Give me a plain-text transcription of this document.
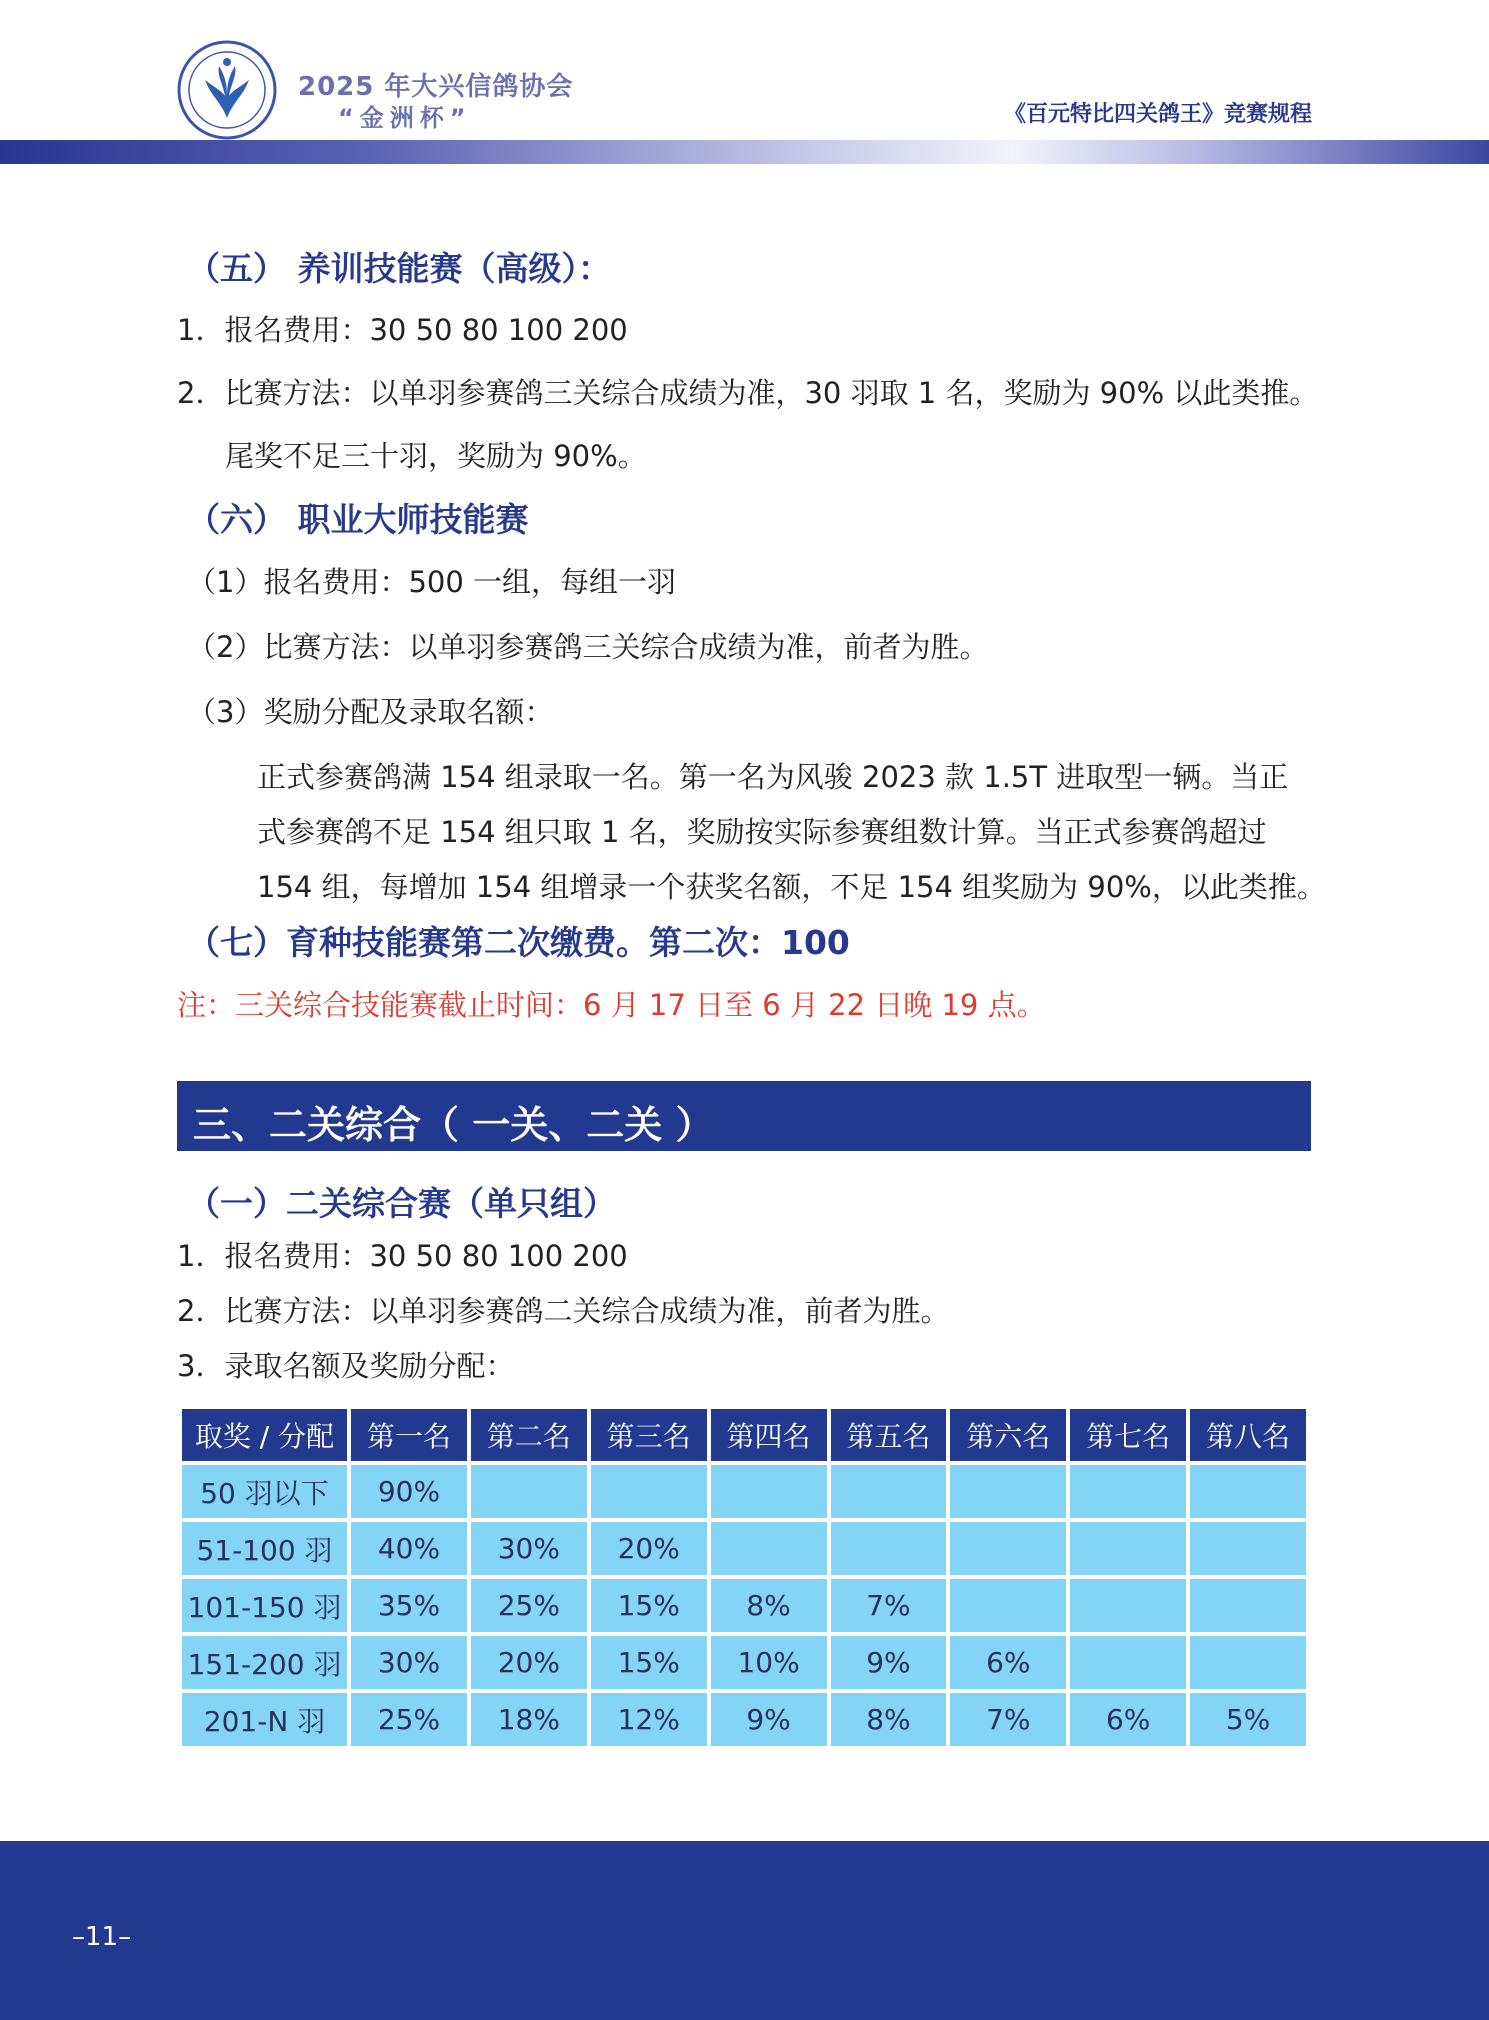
2025 年大兴信鸽协会
“金洲杯”	《百元特比四关鸽王》竞赛规程
（五） 养训技能赛（高级）：
1．报名费用：30 50 80 100 200
2．比赛方法：以单羽参赛鸽三关综合成绩为准，30 羽取 1 名，奖励为 90% 以此类推。
尾奖不足三十羽，奖励为 90%。
（六） 职业大师技能赛
（1）报名费用：500 一组，每组一羽
（2）比赛方法：以单羽参赛鸽三关综合成绩为准，前者为胜。
（3）奖励分配及录取名额：
正式参赛鸽满 154 组录取一名。第一名为风骏 2023 款 1.5T 进取型一辆。当正
式参赛鸽不足 154 组只取 1 名，奖励按实际参赛组数计算。当正式参赛鸽超过
154 组，每增加 154 组增录一个获奖名额，不足 154 组奖励为 90%，以此类推。
（七）育种技能赛第二次缴费。第二次：100
注：三关综合技能赛截止时间：6 月 17 日至 6 月 22 日晚 19 点。
三、二关综合（ 一关、二关 ）
（一）二关综合赛（单只组）
1．报名费用：30 50 80 100 200
2．比赛方法：以单羽参赛鸽二关综合成绩为准，前者为胜。
3．录取名额及奖励分配：
取奖 / 分配	第一名	第二名	第三名	第四名	第五名	第六名	第七名	第八名
50 羽以下	90%							
51-100 羽	40%	30%	20%					
101-150 羽	35%	25%	15%	8%	7%			
151-200 羽	30%	20%	15%	10%	9%	6%		
201-N 羽	25%	18%	12%	9%	8%	7%	6%	5%
–11–
